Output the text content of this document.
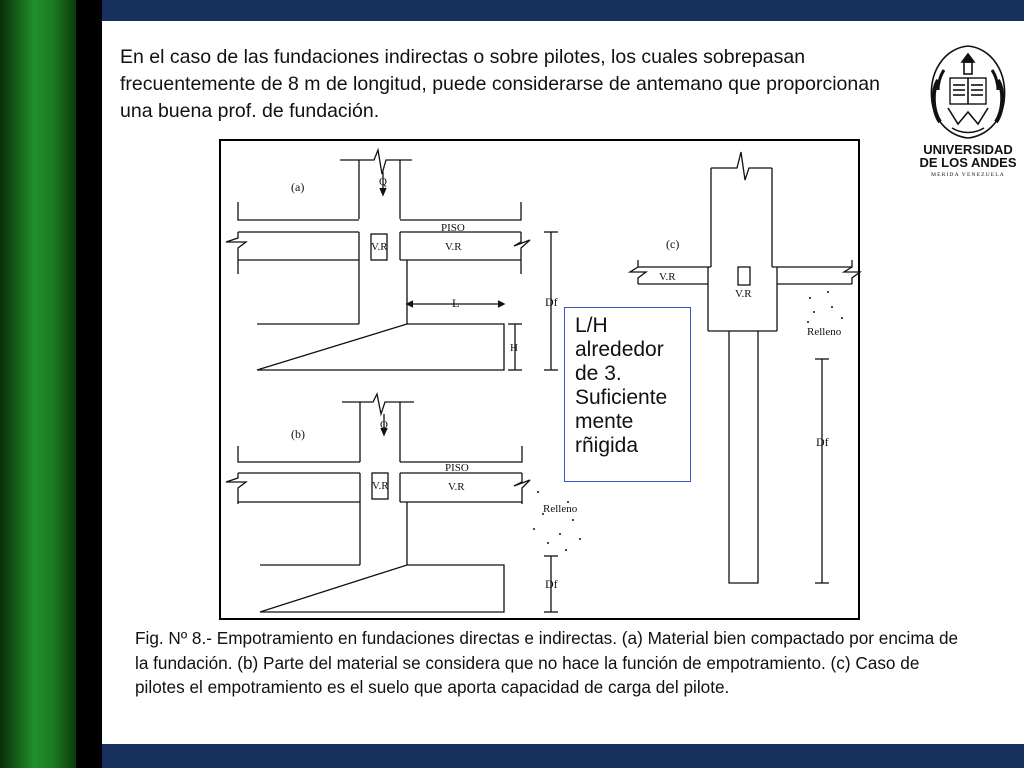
En el caso de las fundaciones indirectas o sobre pilotes, los cuales sobrepasan frecuentemente de 8 m de longitud, puede considerarse de antemano que proporcionan una buena prof. de fundación.

UNIVERSIDAD
DE LOS ANDES
MERIDA VENEZUELA
(a)	Q
PISO
V.R	V.R
L
H
Df
(b)
Q
PISO
V.R	V.R
Relleno
Df
(c)
V.R
V.R
Relleno
Df
L/H
alrededor
de 3.
Suficiente
mente
rñigida

Fig. Nº 8.- Empotramiento en fundaciones directas e indirectas. (a) Material bien compactado por encima de la fundación. (b) Parte del material se considera que no hace la función de empotramiento. (c) Caso de pilotes el empotramiento es el suelo que aporta capacidad de carga del pilote.
